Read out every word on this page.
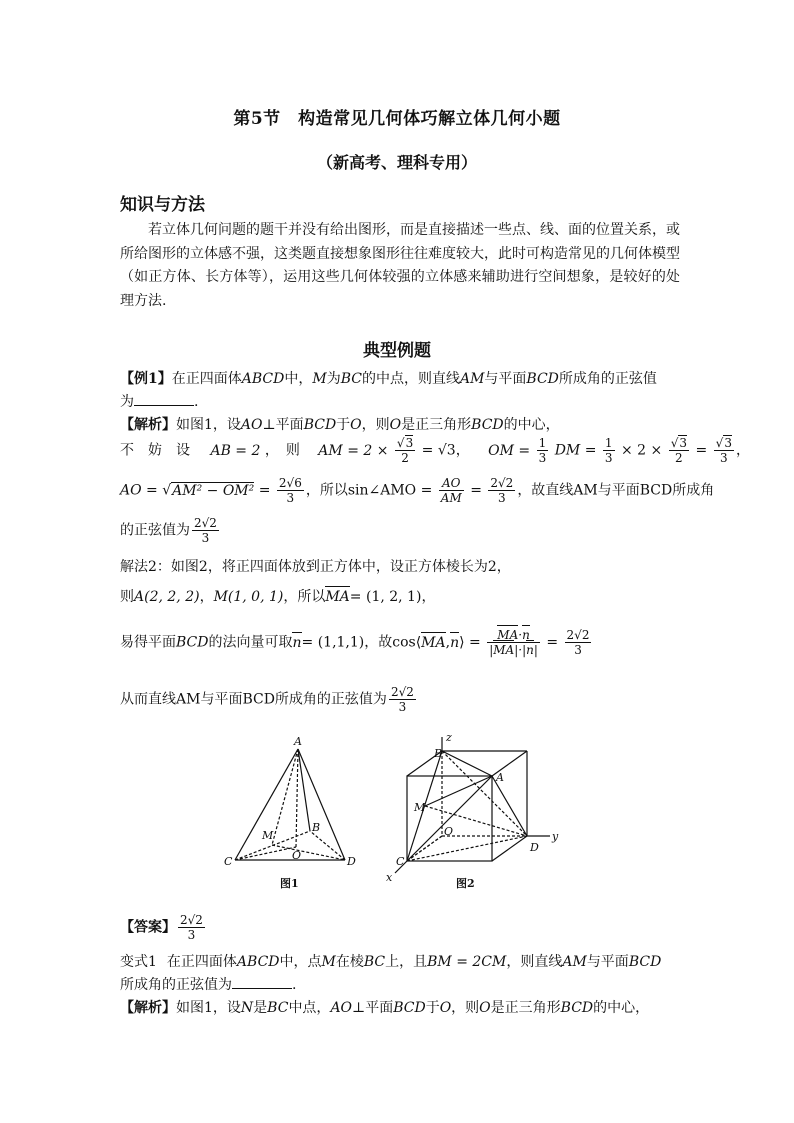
第5节　构造常见几何体巧解立体几何小题
（新高考、理科专用）
知识与方法
若立体几何问题的题干并没有给出图形，而是直接描述一些点、线、面的位置关系，或所给图形的立体感不强，这类题直接想象图形往往难度较大，此时可构造常见的几何体模型（如正方体、长方体等），运用这些几何体较强的立体感来辅助进行空间想象，是较好的处理方法.
典型例题
【例1】在正四面体ABCD中，M为BC的中点，则直线AM与平面BCD所成角的正弦值
为	.
【解析】如图1，设AO⊥平面BCD于O，则O是正三角形BCD的中心，
不　妨　设 AB = 2 ，　则 AM = $2 \times \frac{√3}{2} = √3$， OM = $\frac{1}{3}$ DM = $\frac{1}{3} \times 2 \times \frac{√3}{2} = \frac{√3}{3}$ ，
AO = $√AM^2 - OM^2 = \frac{2√6}{3}$ ，所以sin∠AMO = $\frac{AO}{AM} = \frac{2√2}{3}$ ，故直线AM与平面BCD所成角
的正弦值为 $\frac{2√2}{3}$
解法2：如图2，将正四面体放到正方体中，设正方体棱长为2，
则A(2, 2, 2)，M(1, 0, 1)，所以MA= (1, 2, 1)，
易得平面BCD的法向量可取n= (1,1,1)，故cos⟨MA,n⟩ = $\frac{MA\cdot n}{|MA|\cdot|n|} = \frac{2√2}{3}$
从而直线AM与平面BCD所成角的正弦值为 $\frac{2√2}{3}$
A
B
C	D
M
O
图1
z
y
x
B
A
C
D
M
O
图2
【答案】 $\frac{2√2}{3}$
变式1 在正四面体ABCD中，点M在棱BC上，且BM = 2CM，则直线AM与平面BCD
所成角的正弦值为	.
【解析】如图1，设N是BC中点，AO⊥平面BCD于O，则O是正三角形BCD的中心，
